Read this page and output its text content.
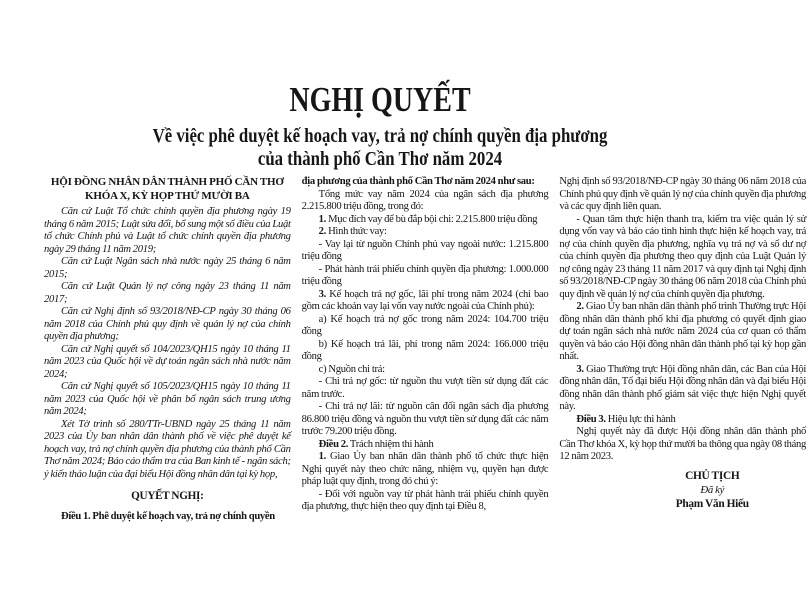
NGHỊ QUYẾT
Về việc phê duyệt kế hoạch vay, trả nợ chính quyền địa phương
của thành phố Cần Thơ năm 2024
HỘI ĐỒNG NHÂN DÂN THÀNH PHỐ CẦN THƠ
KHÓA X, KỲ HỌP THỨ MƯỜI BA

Căn cứ Luật Tổ chức chính quyền địa phương ngày 19 tháng 6 năm 2015; Luật sửa đổi, bổ sung một số điều của Luật tổ chức Chính phủ và Luật tổ chức chính quyền địa phương ngày 29 tháng 11 năm 2019;

Căn cứ Luật Ngân sách nhà nước ngày 25 tháng 6 năm 2015;

Căn cứ Luật Quản lý nợ công ngày 23 tháng 11 năm 2017;

Căn cứ Nghị định số 93/2018/NĐ-CP ngày 30 tháng 06 năm 2018 của Chính phủ quy định về quản lý nợ của chính quyền địa phương;

Căn cứ Nghị quyết số 104/2023/QH15 ngày 10 tháng 11 năm 2023 của Quốc hội về dự toán ngân sách nhà nước năm 2024;

Căn cứ Nghị quyết số 105/2023/QH15 ngày 10 tháng 11 năm 2023 của Quốc hội về phân bổ ngân sách trung ương năm 2024;

Xét Tờ trình số 280/TTr-UBND ngày 25 tháng 11 năm 2023 của Ủy ban nhân dân thành phố về việc phê duyệt kế hoạch vay, trả nợ chính quyền địa phương của thành phố Cần Thơ năm 2024; Báo cáo thẩm tra của Ban kinh tế - ngân sách; ý kiến thảo luận của đại biểu Hội đồng nhân dân tại kỳ họp,

QUYẾT NGHỊ:

Điều 1. Phê duyệt kế hoạch vay, trả nợ chính quyền

địa phương của thành phố Cần Thơ năm 2024 như sau:

Tổng mức vay năm 2024 của ngân sách địa phương 2.215.800 triệu đồng, trong đó:

1. Mục đích vay để bù đắp bội chi: 2.215.800 triệu đồng

2. Hình thức vay:

- Vay lại từ nguồn Chính phủ vay ngoài nước: 1.215.800 triệu đồng

- Phát hành trái phiếu chính quyền địa phương: 1.000.000 triệu đồng

3. Kế hoạch trả nợ gốc, lãi phí trong năm 2024 (chỉ bao gồm các khoản vay lại vốn vay nước ngoài của Chính phủ):

a) Kế hoạch trả nợ gốc trong năm 2024: 104.700 triệu đồng

b) Kế hoạch trả lãi, phí trong năm 2024: 166.000 triệu đồng

c) Nguồn chi trả:

- Chi trả nợ gốc: từ nguồn thu vượt tiền sử dụng đất các năm trước.

- Chi trả nợ lãi: từ nguồn cân đối ngân sách địa phương 86.800 triệu đồng và nguồn thu vượt tiền sử dụng đất các năm trước 79.200 triệu đồng.

Điều 2. Trách nhiệm thi hành

1. Giao Ủy ban nhân dân thành phố tổ chức thực hiện Nghị quyết này theo chức năng, nhiệm vụ, quyền hạn được pháp luật quy định, trong đó chú ý:

- Đối với nguồn vay từ phát hành trái phiếu chính quyền địa phương, thực hiện theo quy định tại Điều 8,

Nghị định số 93/2018/NĐ-CP ngày 30 tháng 06 năm 2018 của Chính phủ quy định về quản lý nợ của chính quyền địa phương và các quy định liên quan.

- Quan tâm thực hiện thanh tra, kiểm tra việc quản lý sử dụng vốn vay và báo cáo tình hình thực hiện kế hoạch vay, trả nợ của chính quyền địa phương, nghĩa vụ trả nợ và số dư nợ của chính quyền địa phương theo quy định của Luật Quản lý nợ công ngày 23 tháng 11 năm 2017 và quy định tại Nghị định số 93/2018/NĐ-CP ngày 30 tháng 06 năm 2018 của Chính phủ quy định về quản lý nợ của chính quyền địa phương.

2. Giao Ủy ban nhân dân thành phố trình Thường trực Hội đồng nhân dân thành phố khi địa phương có quyết định giao dự toán ngân sách nhà nước năm 2024 của cơ quan có thẩm quyền và báo cáo Hội đồng nhân dân thành phố tại kỳ họp gần nhất.

3. Giao Thường trực Hội đồng nhân dân, các Ban của Hội đồng nhân dân, Tổ đại biểu Hội đồng nhân dân và đại biểu Hội đồng nhân dân thành phố giám sát việc thực hiện Nghị quyết này.

Điều 3. Hiệu lực thi hành

Nghị quyết này đã được Hội đồng nhân dân thành phố Cần Thơ khóa X, kỳ họp thứ mười ba thông qua ngày 08 tháng 12 năm 2023.

CHỦ TỊCH
Đã ký
Phạm Văn Hiếu
